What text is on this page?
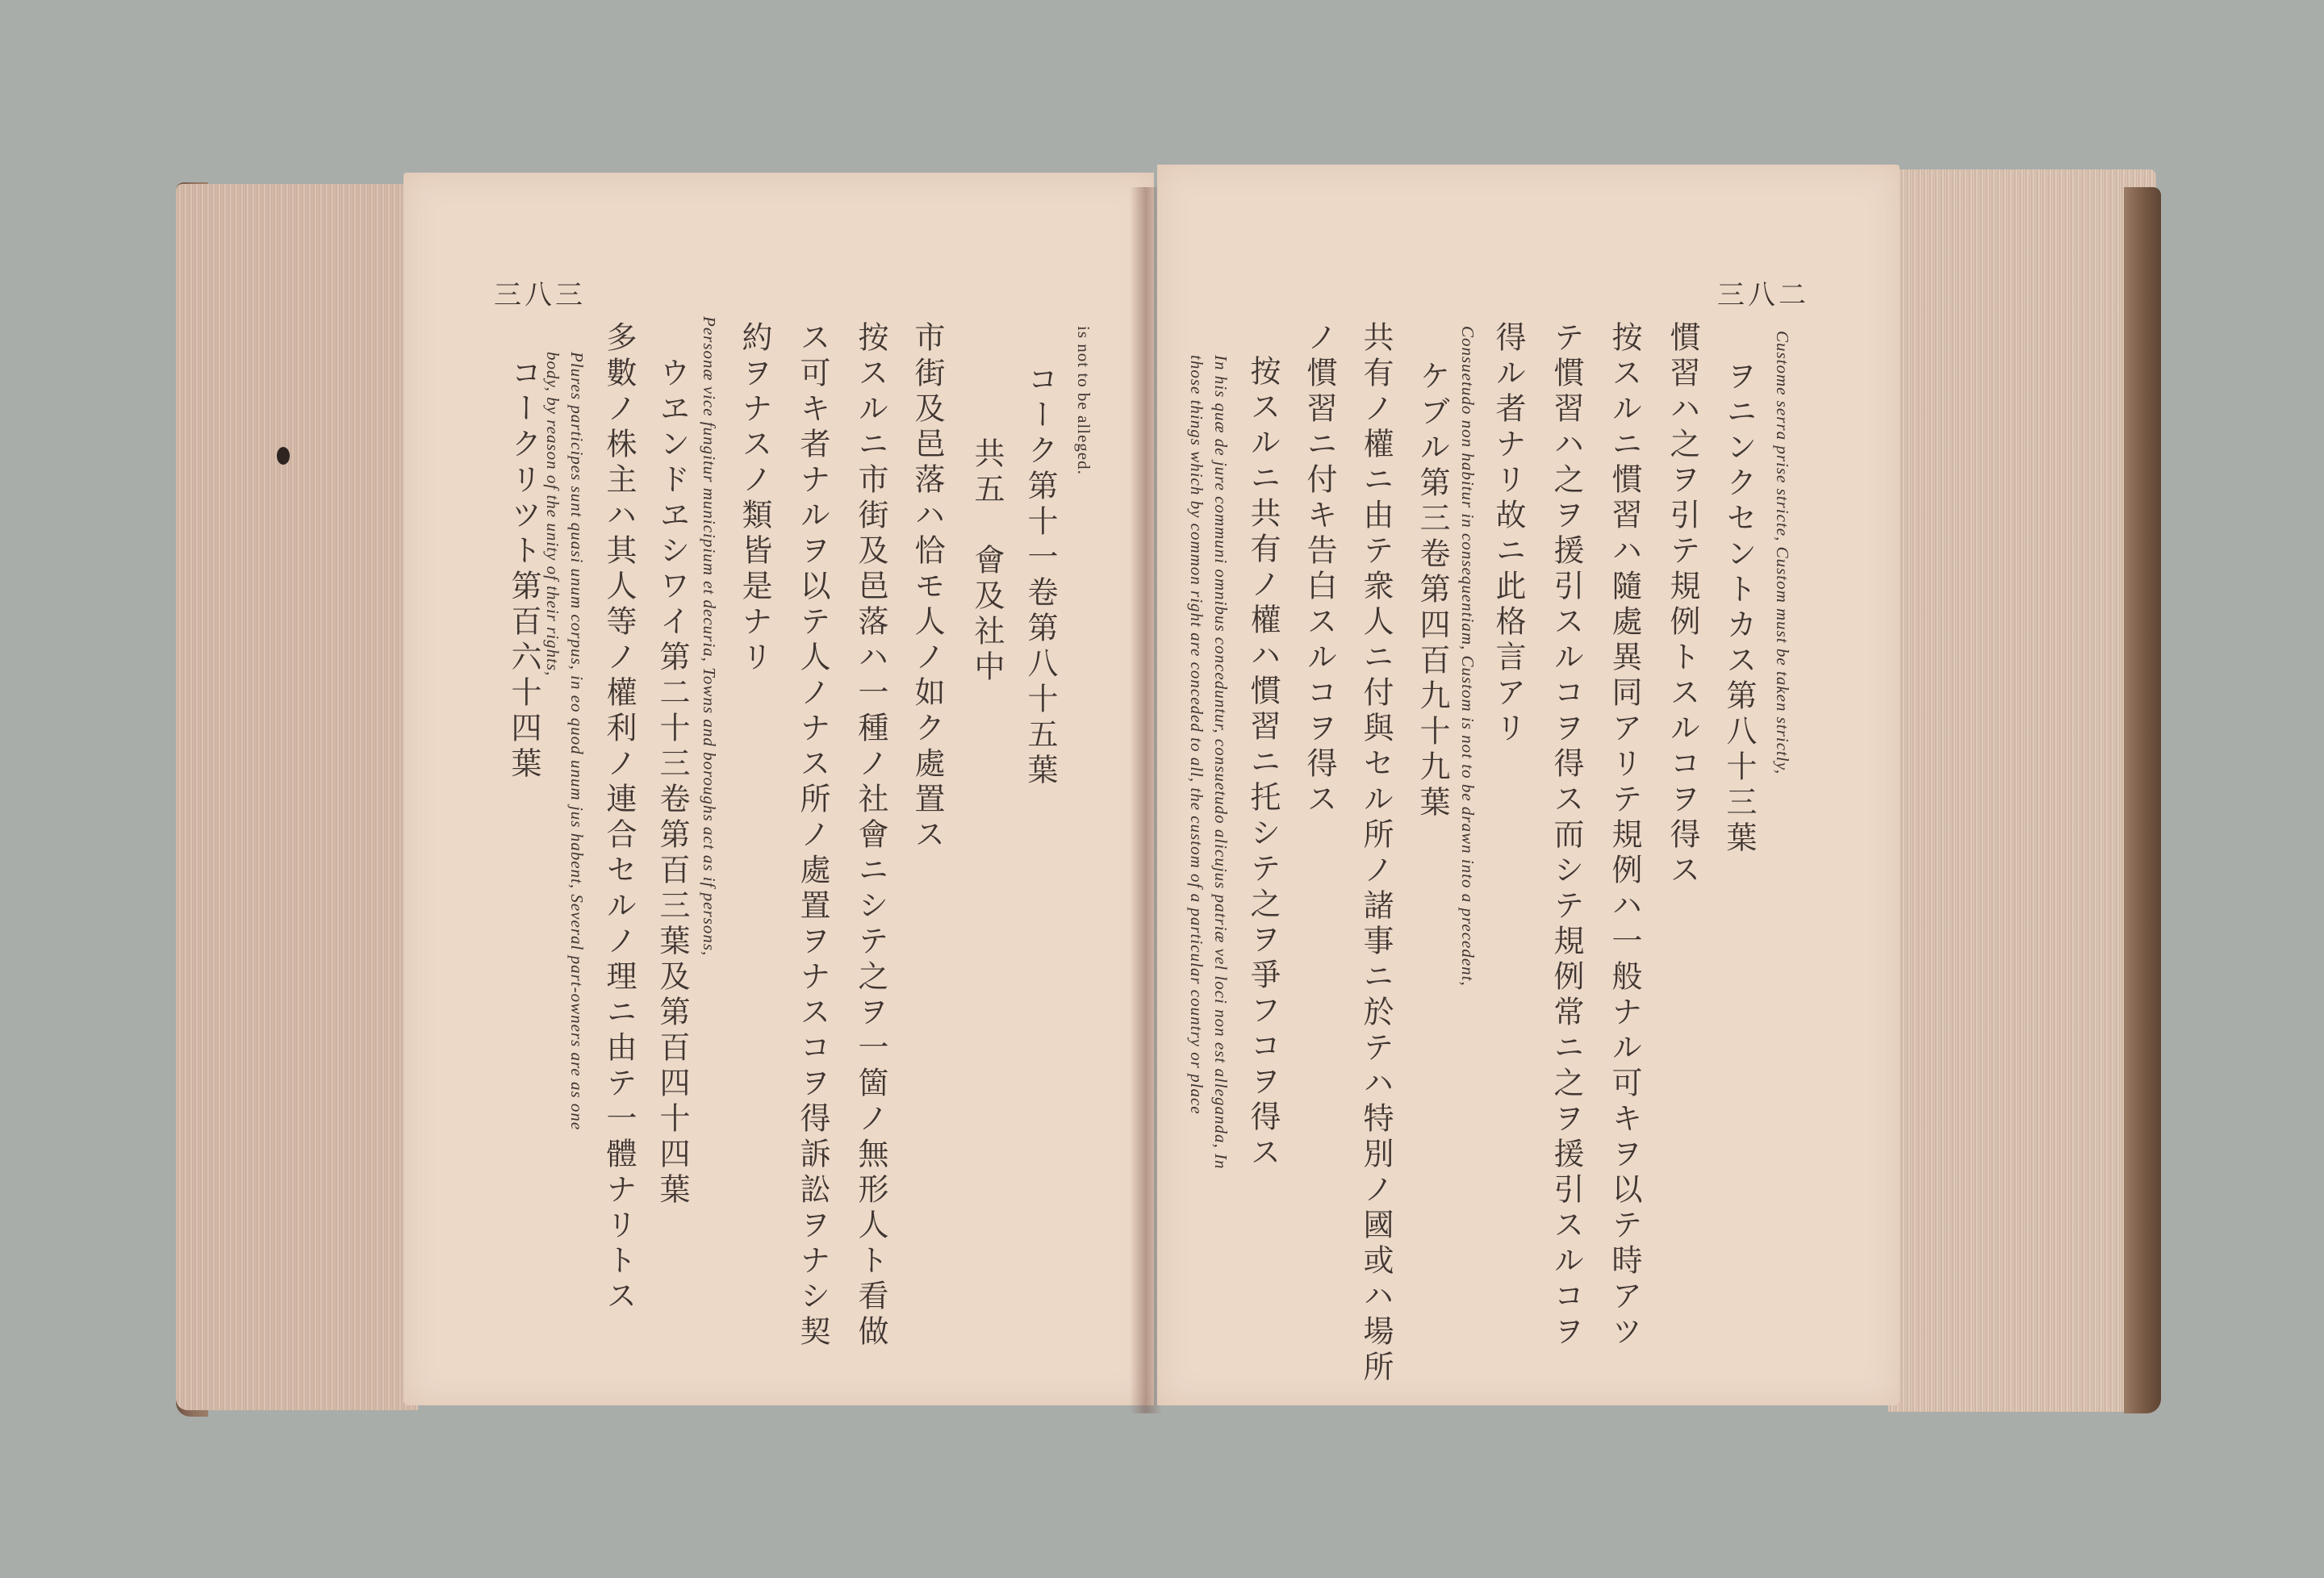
三八三
is not to be alleged.
コーク第十一卷第八十五葉
共五　會及社中
市街及邑落ハ恰モ人ノ如ク處置ス
按スルニ市街及邑落ハ一種ノ社會ニシテ之ヲ一箇ノ無形人ト看做
ス可キ者ナルヲ以テ人ノナス所ノ處置ヲナスコヲ得訴訟ヲナシ契
約ヲナスノ類皆是ナリ
Personæ vice fungitur municipium et decuria, Towns and boroughs act as if persons,
ウヱンドヱシワイ第二十三卷第百三葉及第百四十四葉
多數ノ株主ハ其人等ノ權利ノ連合セルノ理ニ由テ一體ナリトス
Plures participes sunt quasi unum corpus, in eo quod unum jus habent, Several part-owners are as one
body, by reason of the unity of their rights,
コークリツト第百六十四葉
三八二
Custome serra prise stricte, Custom must be taken strictly,
ヲニンクセントカス第八十三葉
慣習ハ之ヲ引テ規例トスルコヲ得ス
按スルニ慣習ハ隨處異同アリテ規例ハ一般ナル可キヲ以テ時アツ
テ慣習ハ之ヲ援引スルコヲ得ス而シテ規例常ニ之ヲ援引スルコヲ
得ル者ナリ故ニ此格言アリ
Consuetudo non habitur in consequentiam, Custom is not to be drawn into a precedent,
ケブル第三卷第四百九十九葉
共有ノ權ニ由テ衆人ニ付與セル所ノ諸事ニ於テハ特別ノ國或ハ場所
ノ慣習ニ付キ告白スルコヲ得ス
按スルニ共有ノ權ハ慣習ニ托シテ之ヲ爭フコヲ得ス
In his quæ de jure communi omnibus conceduntur, consuetudo alicujus patriæ vel loci non est alleganda, In
those things which by common right are conceded to all, the custom of a particular country or place
